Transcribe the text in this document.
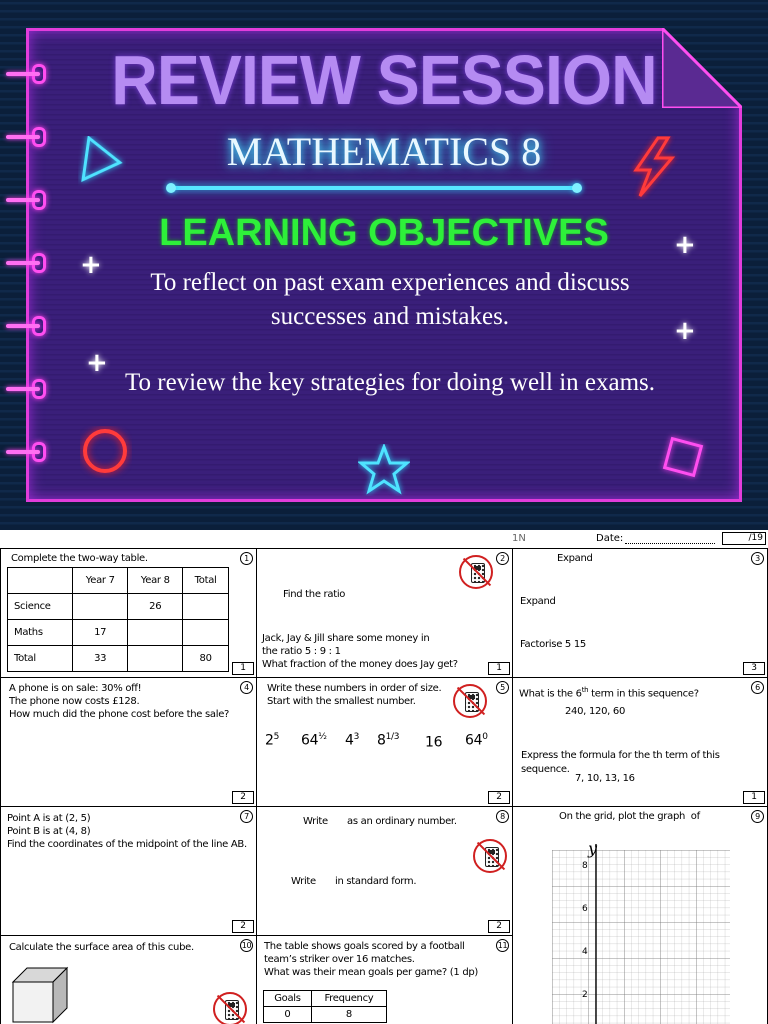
REVIEW SESSION
MATHEMATICS 8
LEARNING OBJECTIVES
To reflect on past exam experiences and discuss successes and mistakes.
To review the key strategies for doing well in exams.
+
+
+
+
1N	Date:	/19
Complete the two-way table.	1
	Year 7	Year 8	Total
Science		26	
Maths	17		
Total	33		80
1
2
Find the ratio
Jack, Jay & Jill share some money in
the ratio 5 : 9 : 1
What fraction of the money does Jay get?	1
3
Expand
Expand
Factorise 5 15
3
4
A phone is on sale: 30% off!
The phone now costs £128.
How much did the phone cost before the sale?
2
5
Write these numbers in order of size.
Start with the smallest number.
$2^5$ $64^{\frac{1}{2}}$ $4^3$ $8^{1/3}$ 16 $64^0$
2
6
What is the 6th term in this sequence?
240, 120, 60
Express the formula for the th term of this
sequence.
7, 10, 13, 16
1
7
Point A is at (2, 5)
Point B is at (4, 8)
Find the coordinates of the midpoint of the line AB.
2
8
Write as an ordinary number.
Write in standard form.
2
9
On the grid, plot the graph  of
10
Calculate the surface area of this cube.	11
The table shows goals scored by a football
team’s striker over 16 matches.
What was their mean goals per game? (1 dp)
Goals	Frequency
0	8
y
8
6
4
2
